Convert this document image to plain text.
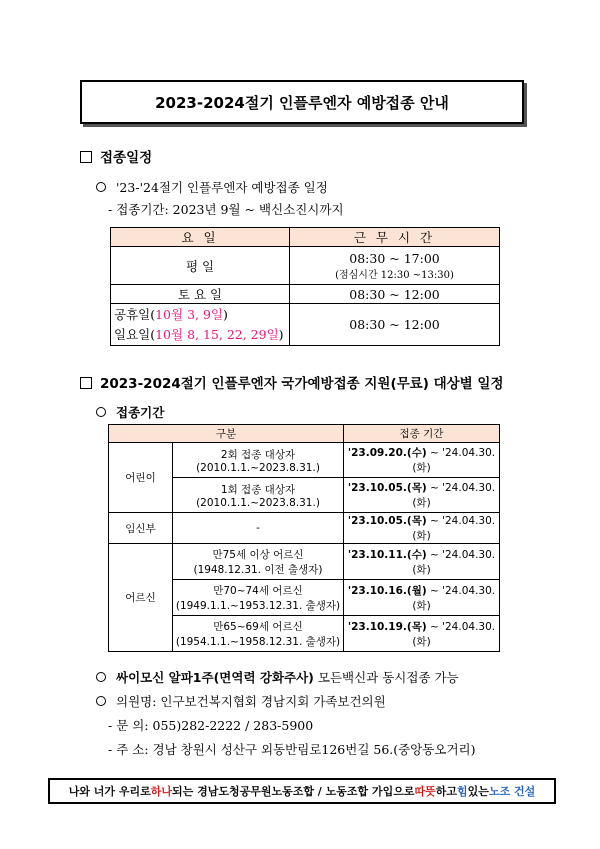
2023-2024절기 인플루엔자 예방접종 안내
접종일정
'23-'24절기 인플루엔자 예방접종 일정
- 접종기간: 2023년 9월 ~ 백신소진시까지
요 일	근 무 시 간
평 일	08:30 ~ 17:00
(점심시간 12:30 ~13:30)

토 요 일	08:30 ~ 12:00

공휴일(10월 3, 9일)
일요일(10월 8, 15, 22, 29일)	08:30 ~ 12:00
2023-2024절기 인플루엔자 국가예방접종 지원(무료) 대상별 일정
접종기간
구분		접종 기간
어린이	2회 접종 대상자
(2010.1.1.~2023.8.31.)	'23.09.20.(수) ~ '24.04.30.(화)

	1회 접종 대상자
(2010.1.1.~2023.8.31.)	'23.10.05.(목) ~ '24.04.30.(화)
임신부	-	'23.10.05.(목) ~ '24.04.30.(화)
어르신	만75세 이상 어르신
(1948.12.31. 이전 출생자)	'23.10.11.(수) ~ '24.04.30.(화)

	만70~74세 어르신
(1949.1.1.~1953.12.31. 출생자)	'23.10.16.(월) ~ '24.04.30.(화)

	만65~69세 어르신
(1954.1.1.~1958.12.31. 출생자)	'23.10.19.(목) ~ '24.04.30.(화)
싸이모신 알파1주(면역력 강화주사) 모든백신과 동시접종 가능
의원명: 인구보건복지협회 경남지회 가족보건의원
- 문 의: 055)282-2222 / 283-5900
- 주 소: 경남 창원시 성산구 외동반림로126번길 56.(중앙동오거리)
나와 너가 우리로 하나 되는 경남도청공무원노동조합 / 노동조합 가입으로 따뜻 하고 힘 있는 노조 건설
